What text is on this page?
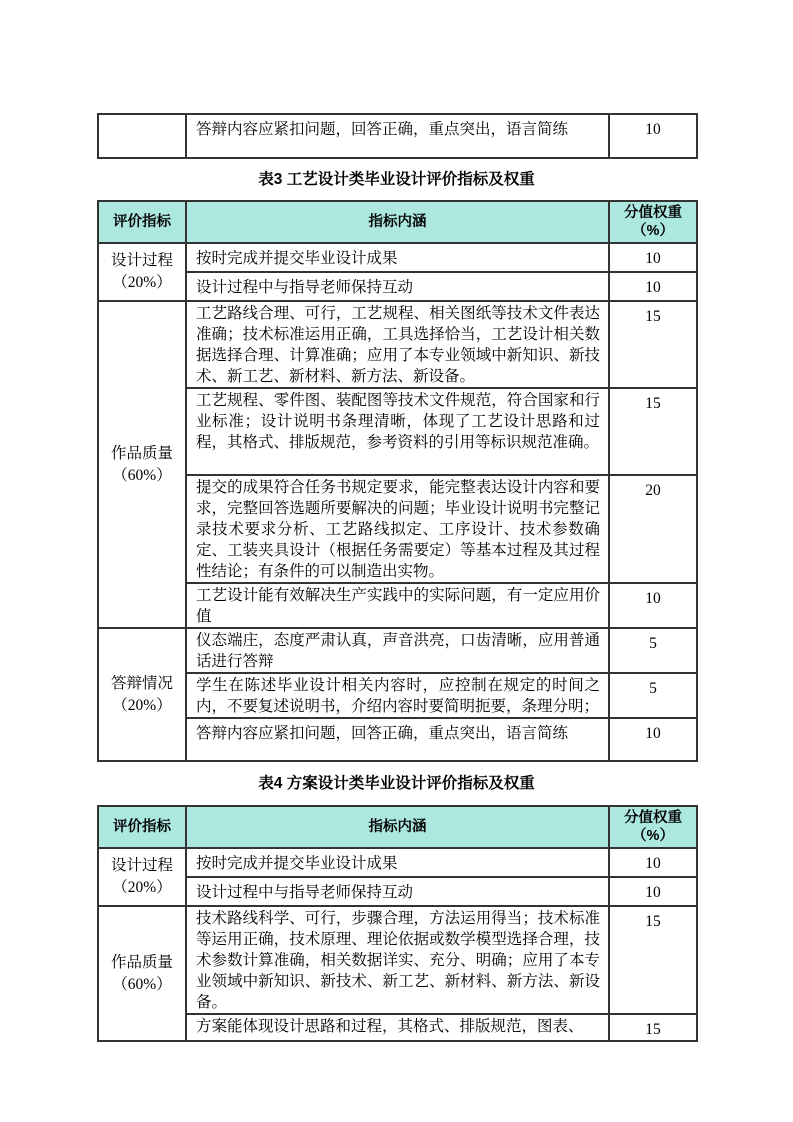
	答辩内容应紧扣问题，回答正确，重点突出，语言简练	10
表3 工艺设计类毕业设计评价指标及权重
评价指标	指标内涵	分值权重
（%）

设计过程
（20%）	按时完成并提交毕业设计成果	10
	设计过程中与指导老师保持互动	10

作品质量
（60%）	工艺路线合理、可行，工艺规程、相关图纸等技术文件表达准确；技术标准运用正确，工具选择恰当，工艺设计相关数据选择合理、计算准确；应用了本专业领域中新知识、新技术、新工艺、新材料、新方法、新设备。	15
	工艺规程、零件图、装配图等技术文件规范，符合国家和行业标准；设计说明书条理清晰，体现了工艺设计思路和过程，其格式、排版规范，参考资料的引用等标识规范准确。	15
	提交的成果符合任务书规定要求，能完整表达设计内容和要求，完整回答选题所要解决的问题；毕业设计说明书完整记录技术要求分析、工艺路线拟定、工序设计、技术参数确定、工装夹具设计（根据任务需要定）等基本过程及其过程性结论；有条件的可以制造出实物。	20
	工艺设计能有效解决生产实践中的实际问题，有一定应用价值	10

答辩情况
（20%）	仪态端庄，态度严肃认真，声音洪亮，口齿清晰，应用普通话进行答辩	5
	学生在陈述毕业设计相关内容时，应控制在规定的时间之内，不要复述说明书，介绍内容时要简明扼要，条理分明；	5
	答辩内容应紧扣问题，回答正确，重点突出，语言简练	10
表4 方案设计类毕业设计评价指标及权重
评价指标	指标内涵	分值权重
（%）

设计过程
（20%）	按时完成并提交毕业设计成果	10
	设计过程中与指导老师保持互动	10

作品质量
（60%）	技术路线科学、可行，步骤合理，方法运用得当；技术标准等运用正确，技术原理、理论依据或数学模型选择合理，技术参数计算准确，相关数据详实、充分、明确；应用了本专业领域中新知识、新技术、新工艺、新材料、新方法、新设备。	15
	方案能体现设计思路和过程，其格式、排版规范，图表、	15
